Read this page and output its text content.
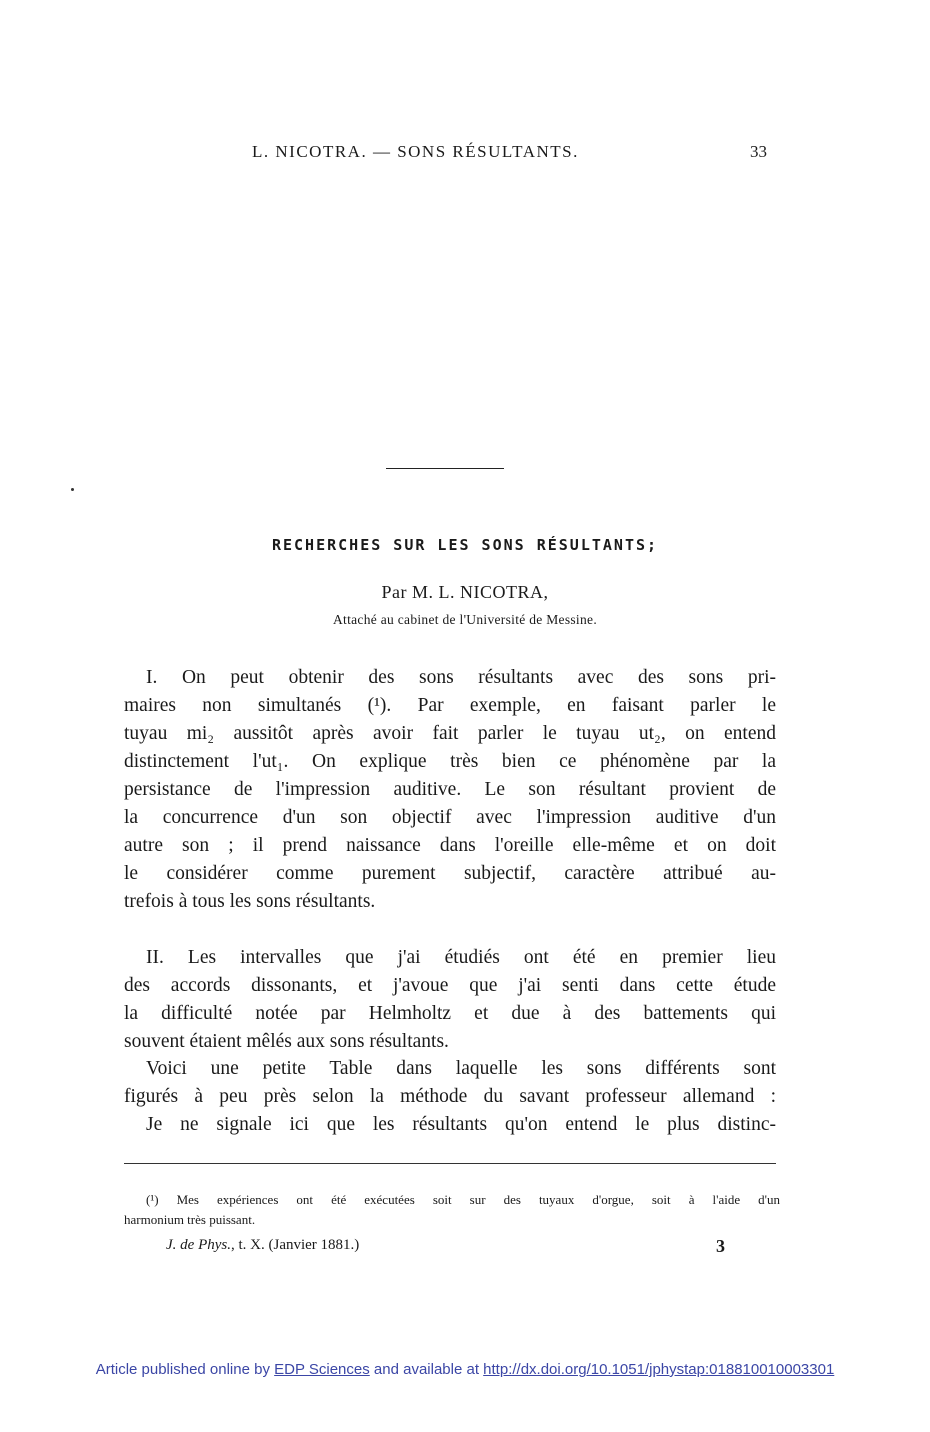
L. NICOTRA. — SONS RÉSULTANTS.	33
RECHERCHES SUR LES SONS RÉSULTANTS;
Par M. L. NICOTRA,
Attaché au cabinet de l'Université de Messine.
I. On peut obtenir des sons résultants avec des sons pri-
maires non simultanés (¹). Par exemple, en faisant parler le
tuyau mi₂ aussitôt après avoir fait parler le tuyau ut₂, on entend
distinctement l'ut₁. On explique très bien ce phénomène par la
persistance de l'impression auditive. Le son résultant provient de
la concurrence d'un son objectif avec l'impression auditive d'un
autre son ; il prend naissance dans l'oreille elle-même et on doit
le considérer comme purement subjectif, caractère attribué au-
trefois à tous les sons résultants.
II. Les intervalles que j'ai étudiés ont été en premier lieu
des accords dissonants, et j'avoue que j'ai senti dans cette étude
la difficulté notée par Helmholtz et due à des battements qui
souvent étaient mêlés aux sons résultants.
Voici une petite Table dans laquelle les sons différents sont
figurés à peu près selon la méthode du savant professeur allemand :
Je ne signale ici que les résultants qu'on entend le plus distinc-
(¹) Mes expériences ont été exécutées soit sur des tuyaux d'orgue, soit à l'aide d'un
harmonium très puissant.
J. de Phys., t. X. (Janvier 1881.)	3
Article published online by EDP Sciences and available at http://dx.doi.org/10.1051/jphystap:018810010003301
